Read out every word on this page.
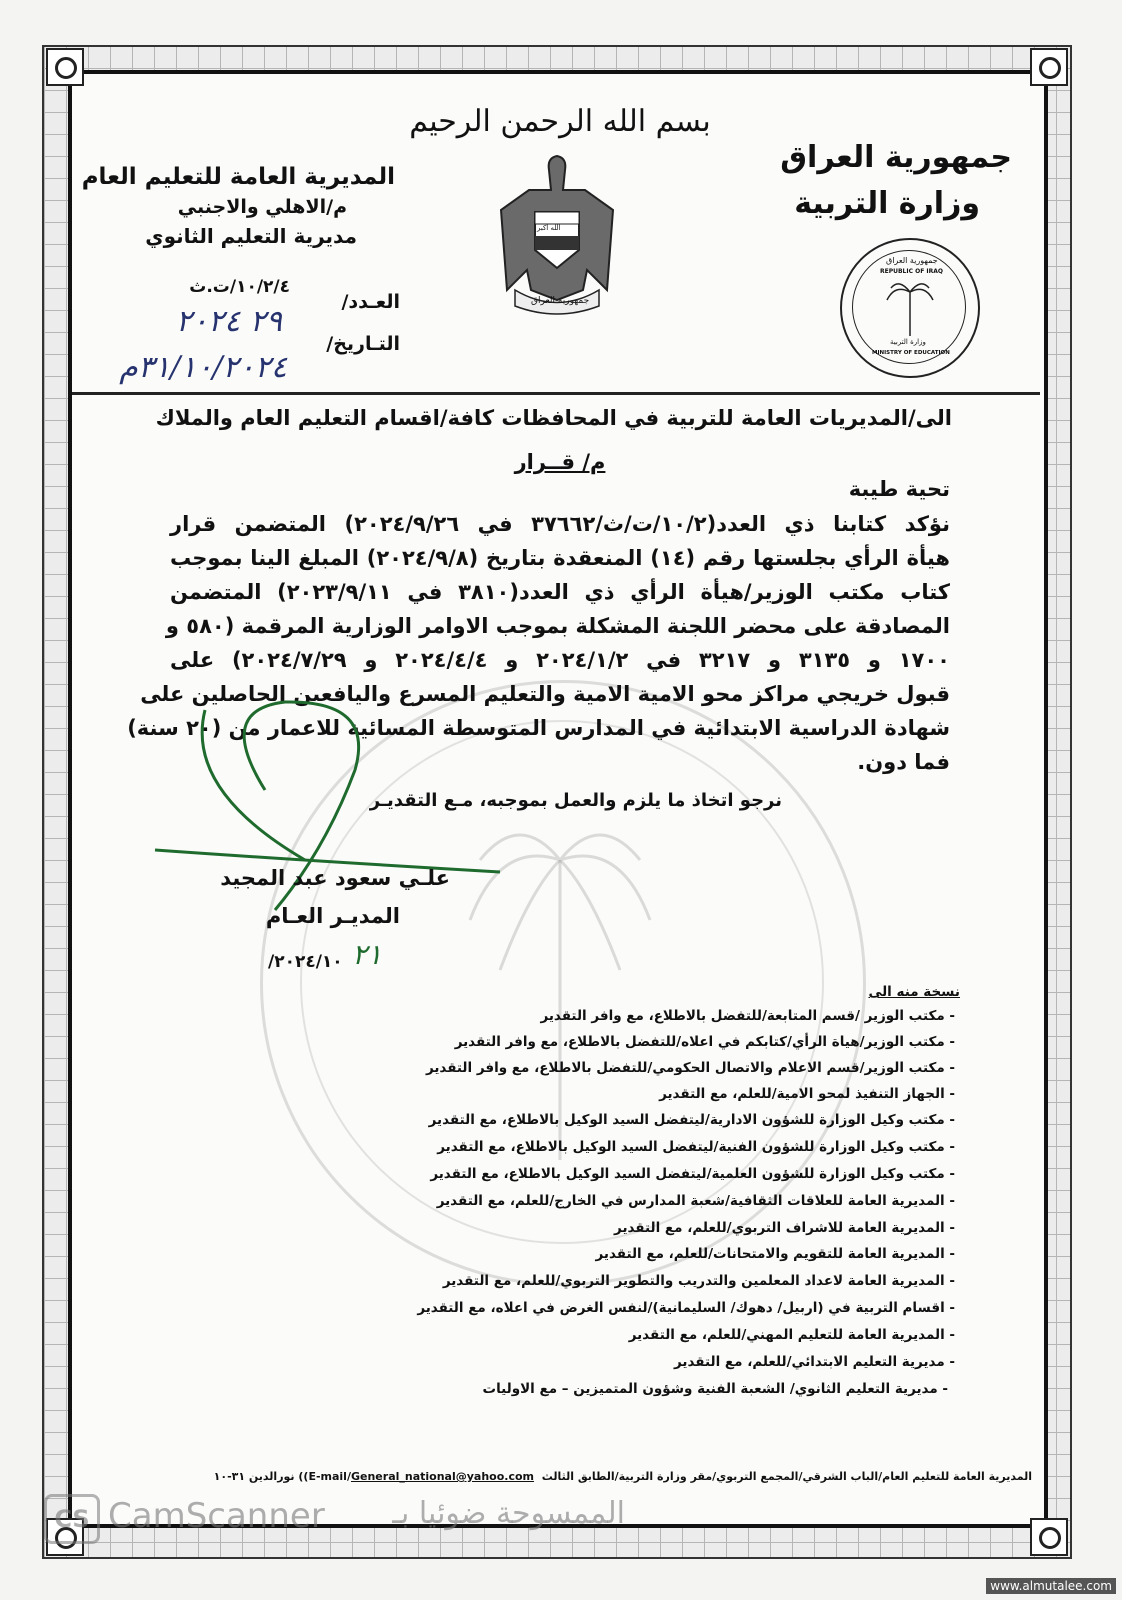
بسم الله الرحمن الرحيم
جمهورية العراق
وزارة التربية
المديرية العامة للتعليم العام
م/الاهلي والاجنبي
مديرية التعليم الثانوي	الله اكبر
جمهورية العراق
جمهورية العراق
REPUBLIC OF IRAQ
وزارة التربية
MINISTRY OF EDUCATION
العـدد/
١٠/٢/٤/ت.ث
التـاريخ/
٢٩ ٢٠٢٤
٣١/١٠/٢٠٢٤م
الى/المديريات العامة للتربية في المحافظات كافة/اقسام التعليم العام والملاك
م/ قــرار
تحية طيبة
نؤكد كتابنا ذي العدد(١٠/٢/ت/ث/٣٧٦٦٢ في ٢٠٢٤/٩/٢٦) المتضمن قرار
هيأة الرأي بجلستها رقم (١٤) المنعقدة بتاريخ (٢٠٢٤/٩/٨) المبلغ الينا بموجب
كتاب مكتب الوزير/هيأة الرأي ذي العدد(٣٨١٠ في ٢٠٢٣/٩/١١) المتضمن
المصادقة على محضر اللجنة المشكلة بموجب الاوامر الوزارية المرقمة (٥٨٠ و
١٧٠٠ و ٣١٣٥ و ٣٢١٧ في ٢٠٢٤/١/٢ و ٢٠٢٤/٤/٤ و ٢٠٢٤/٧/٢٩) على
قبول خريجي مراكز محو الامية الامية والتعليم المسرع واليافعين الحاصلين على
شهادة الدراسية الابتدائية في المدارس المتوسطة المسائية للاعمار من (٢٠ سنة)
فما دون.
نرجو اتخاذ ما يلزم والعمل بموجبه، مـع التقديـر
علـي سعود عبد المجيد
المديـر العـام
/٢٠٢٤/١٠ ٢١
نسخة منه الى
- مكتب الوزير /قسم المتابعة/للتفضل بالاطلاع، مع وافر التقدير
- مكتب الوزير/هياة الرأي/كتابكم في اعلاه/للتفضل بالاطلاع، مع وافر التقدير
- مكتب الوزير/قسم الاعلام والاتصال الحكومي/للتفضل بالاطلاع، مع وافر التقدير
- الجهاز التنفيذ لمحو الامية/للعلم، مع التقدير
- مكتب وكيل الوزارة للشؤون الادارية/ليتفضل السيد الوكيل بالاطلاع، مع التقدير
- مكتب وكيل الوزارة للشؤون الفنية/ليتفضل السيد الوكيل بالاطلاع، مع التقدير
- مكتب وكيل الوزارة للشؤون العلمية/ليتفضل السيد الوكيل بالاطلاع، مع التقدير
- المديرية العامة للعلاقات الثقافية/شعبة المدارس في الخارج/للعلم، مع التقدير
- المديرية العامة للاشراف التربوي/للعلم، مع التقدير
- المديرية العامة للتقويم والامتحانات/للعلم، مع التقدير
- المديرية العامة لاعداد المعلمين والتدريب والتطوير التربوي/للعلم، مع التقدير
- اقسام التربية في (اربيل/ دهوك/ السليمانية)/لنفس الغرض في اعلاه، مع التقدير
- المديرية العامة للتعليم المهني/للعلم، مع التقدير
- مديرية التعليم الابتدائي/للعلم، مع التقدير
- مديرية التعليم الثانوي/ الشعبة الفنية وشؤون المتميزين – مع الاوليات
المديرية العامة للتعليم العام/الباب الشرقي/المجمع التربوي/مقر وزارة التربية/الطابق الثالث (E-mail/General_national@yahoo.com ) نورالدين ٣١-١٠
CS CamScanner	الممسوحة ضوئيا بـ
www.almutalee.com
